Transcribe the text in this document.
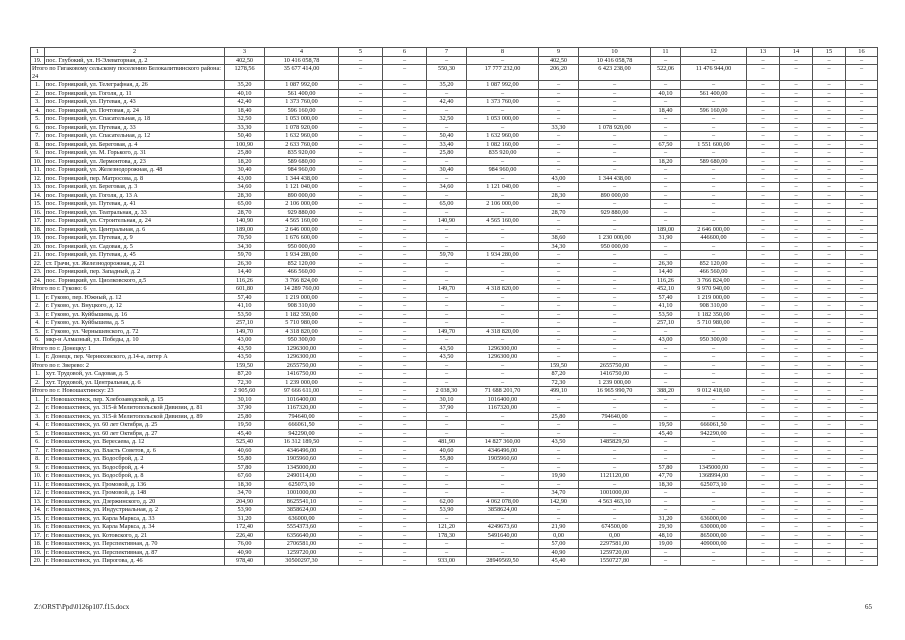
1	2	3	4	5	6	7	8	9	10	11	12	13	14	15	16
19.	пос. Глубокий, ул. Н-Элеваторная, д. 2	402,50	10 416 058,78	–	–	–	–	402,50	10 416 058,78	–	–	–	–	–	–
Итого по Гигаковому сельскому поселению Белокалитвинского района: 24		1278,56	35 677 414,00	–	–	550,30	17 777 232,00	206,20	6 423 238,00	522,06	11 476 944,00	–	–	–	–
1.	пос. Горняцкий, ул. Телеграфная, д. 26	35,20	1 087 992,00	–	–	35,20	1 087 992,00	–	–	–	–	–	–	–	–
2.	пос. Горняцкий, ул. Гоголя, д. 11	40,10	561 400,00	–	–	–	–	–	–	40,10	561 400,00	–	–	–	–
3.	пос. Горняцкий, ул. Путевая, д. 43	42,40	1 373 760,00	–	–	42,40	1 373 760,00	–	–	–	–	–	–	–	–
4.	пос. Горняцкий, ул. Почтовая, д. 24	18,40	596 160,00	–	–	–	–	–	–	18,40	596 160,00	–	–	–	–
5.	пос. Горняцкий, ул. Спасательная, д. 18	32,50	1 053 000,00	–	–	32,50	1 053 000,00	–	–	–	–	–	–	–	–
6.	пос. Горняцкий, ул. Путевая, д. 33	33,30	1 078 920,00	–	–	–	–	33,30	1 078 920,00	–	–	–	–	–	–
7.	пос. Горняцкий, ул. Спасательная, д. 12	50,40	1 632 960,00	–	–	50,40	1 632 960,00	–	–	–	–	–	–	–	–
8.	пос. Горняцкий, ул. Береговая, д. 4	100,90	2 633 760,00	–	–	33,40	1 082 160,00	–	–	67,50	1 551 600,00	–	–	–	–
9.	пос. Горняцкий, ул. М. Горького, д. 31	25,80	835 920,00	–	–	25,80	835 920,00	–	–	–	–	–	–	–	–
10.	пос. Горняцкий, ул. Лермонтова, д. 23	18,20	589 680,00	–	–	–	–	–	–	18,20	589 680,00	–	–	–	–
11.	пос. Горняцкий, ул. Железнодорожная, д. 48	30,40	984 960,00	–	–	30,40	984 960,00	–	–	–	–	–	–	–	–
12.	пос. Горняцкий, пер. Матросова, д. 8	43,00	1 344 438,00	–	–	–	–	43,00	1 344 438,00	–	–	–	–	–	–
13.	пос. Горняцкий, ул. Береговая, д. 3	34,60	1 121 040,00	–	–	34,60	1 121 040,00	–	–	–	–	–	–	–	–
14.	пос. Горняцкий, ул. Гоголя, д. 13 А	28,30	890 000,00	–	–	–	–	28,30	890 000,00	–	–	–	–	–	–
15.	пос. Горняцкий, ул. Путевая, д. 41	65,00	2 106 000,00	–	–	65,00	2 106 000,00	–	–	–	–	–	–	–	–
16.	пос. Горняцкий, ул. Театральная, д. 33	28,70	929 880,00	–	–	–	–	28,70	929 880,00	–	–	–	–	–	–
17.	пос. Горняцкий, ул. Строительная, д. 24	140,90	4 565 160,00	–	–	140,90	4 565 160,00	–	–	–	–	–	–	–	–
18.	пос. Горняцкий, ул. Центральная, д. 6	189,00	2 646 000,00	–	–	–	–	–	–	189,00	2 646 000,00	–	–	–	–
19.	пос. Горняцкий, ул. Путевая, д. 9	70,50	1 676 600,00	–	–	–	–	38,60	1 230 000,00	31,90	446600,00	–	–	–	–
20.	пос. Горняцкий, ул. Садовая, д. 5	34,30	950 000,00	–	–	–	–	34,30	950 000,00	–	–	–	–	–	–
21.	пос. Горняцкий, ул. Путевая, д. 45	59,70	1 934 280,00	–	–	59,70	1 934 280,00	–	–	–	–	–	–	–	–
22.	ст. Грачи, ул. Железнодорожная, д. 21	26,30	852 120,00	–	–	–	–	–	–	26,30	852 120,00	–	–	–	–
23.	пос. Горняцкий, пер. Западный, д. 2	14,40	466 560,00	–	–	–	–	–	–	14,40	466 560,00	–	–	–	–
24.	пос. Горняцкий, ул. Циолковского, д.5	116,26	3 766 824,00	–	–	–	–	–	–	116,26	3 766 824,00	–	–	–	–
Итого по г. Гуково: 6		601,80	14 289 760,00	–	–	149,70	4 318 820,00	–	–	452,10	9 970 940,00	–	–	–	–
1.	г. Гуково, пер. Южный, д. 12	57,40	1 219 000,00	–	–	–	–	–	–	57,40	1 219 000,00	–	–	–	–
2.	г. Гуково, ул. Внуцкого, д. 12	41,10	908 310,00	–	–	–	–	–	–	41,10	908 310,00	–	–	–	–
3.	г. Гуково, ул. Куйбышева, д. 16	53,50	1 182 350,00	–	–	–	–	–	–	53,50	1 182 350,00	–	–	–	–
4.	г. Гуково, ул. Куйбышева, д. 5	257,10	5 710 980,00	–	–	–	–	–	–	257,10	5 710 980,00	–	–	–	–
5.	г. Гуково, ул. Чернышевского, д. 72	149,70	4 318 820,00	–	–	149,70	4 318 820,00	–	–	–	–	–	–	–	–
6.	мкр-н Алмазный, ул. Победы, д. 10	43,00	950 300,00	–	–	–	–	–	–	43,00	950 300,00	–	–	–	–
Итого по г. Донецку: 1		43,50	1296300,00	–	–	43,50	1296300,00	–	–	–	–	–	–	–	–
1.	г. Донецк, пер. Черняховского, д.14-а, литер А	43,50	1296300,00	–	–	43,50	1296300,00	–	–	–	–	–	–	–	–
Итого по г. Зверево: 2		159,50	2655750,00	–	–	–	–	159,50	2655750,00	–	–	–	–	–	–
1.	хут. Трудовой, ул. Садовая, д. 5	87,20	1416750,00	–	–	–	–	87,20	1416750,00	–	–	–	–	–	–
2.	хут. Трудовой, ул. Центральная, д. 6	72,30	1 239 000,00	–	–	–	–	72,30	1 239 000,00	–	–	–	–	–	–
Итого по г. Новошахтинску: 23		2 905,60	97 666 611,00	–	–	2 038,30	71 688 201,70	499,10	16 965 990,70	388,20	9 012 418,60	–	–	–	–
1.	г. Новошахтинск, пер. Хлебозаводской, д. 15	30,10	1016400,00	–	–	30,10	1016400,00	–	–	–	–	–	–	–	–
2.	г. Новошахтинск, ул. 315-й Мелитопольской Дивизии, д. 81	37,90	1167320,00	–	–	37,90	1167320,00	–	–	–	–	–	–	–	–
3.	г. Новошахтинск, ул. 315-й Мелитопольской Дивизии, д. 89	25,80	794640,00	–	–	–	–	25,80	794640,00	–	–	–	–	–	–
4.	г. Новошахтинск, ул. 60 лет Октября, д. 25	19,50	666061,50	–	–	–	–	–	–	19,50	666061,50	–	–	–	–
5.	г. Новошахтинск, ул. 60 лет Октября, д. 27	45,40	942290,00	–	–	–	–	–	–	45,40	942290,00	–	–	–	–
6.	г. Новошахтинск, ул. Вересаева, д. 12	525,40	16 312 189,50	–	–	481,90	14 827 360,00	43,50	1485829,50	–	–	–	–	–	–
7.	г. Новошахтинск, ул. Власть Советов, д. 6	40,60	4346496,00	–	–	40,60	4346496,00	–	–	–	–	–	–	–	–
8.	г. Новошахтинск, ул. Водосброй, д. 2	55,80	1905960,60	–	–	55,80	1905960,60	–	–	–	–	–	–	–	–
9.	г. Новошахтинск, ул. Водосброй, д. 4	57,80	1345000,00	–	–	–	–	–	–	57,80	1345000,00	–	–	–	–
10.	г. Новошахтинск, ул. Водосброй, д. 8	67,60	2490114,00	–	–	–	–	19,90	1121120,00	47,70	1368994,00	–	–	–	–
11.	г. Новошахтинск, ул. Громовой, д. 136	18,30	625073,10	–	–	–	–	–	–	18,30	625073,10	–	–	–	–
12.	г. Новошахтинск, ул. Громовой, д. 148	34,70	1001000,00	–	–	–	–	34,70	1001000,00	–	–	–	–	–	–
13.	г. Новошахтинск, ул. Дзержинского, д. 20	204,90	8625541,10	–	–	62,00	4 062 078,00	142,90	4 563 463,10	–	–	–	–	–	–
14.	г. Новошахтинск, ул. Индустриальная, д. 2	53,90	3858624,00	–	–	53,90	3858624,00	–	–	–	–	–	–	–	–
15.	г. Новошахтинск, ул. Карла Маркса, д. 33	31,20	636000,00	–	–	–	–	–	–	31,20	636000,00	–	–	–	–
16.	г. Новошахтинск, ул. Карла Маркса, д. 34	172,40	5554373,60	–	–	121,20	4249673,60	21,90	674500,00	29,30	630000,00	–	–	–	–
17.	г. Новошахтинск, ул. Котовского, д. 21	226,40	6356640,00	–	–	178,30	5491640,00	0,00	0,00	48,10	865000,00	–	–	–	–
18.	г. Новошахтинск, ул. Перспективная, д. 70	76,00	2706581,00	–	–	–	–	57,00	2297581,00	19,00	409000,00	–	–	–	–
19.	г. Новошахтинск, ул. Перспективная, д. 87	40,90	1259720,00	–	–	–	–	40,90	1259720,00	–	–	–	–	–	–
20.	г. Новошахтинск, ул. Пирогова, д. 46	978,40	30500297,30	–	–	933,00	28949569,50	45,40	1550727,80	–	–	–	–	–	–
Z:\ORST\Ppd\0126p107.f15.docx	65
